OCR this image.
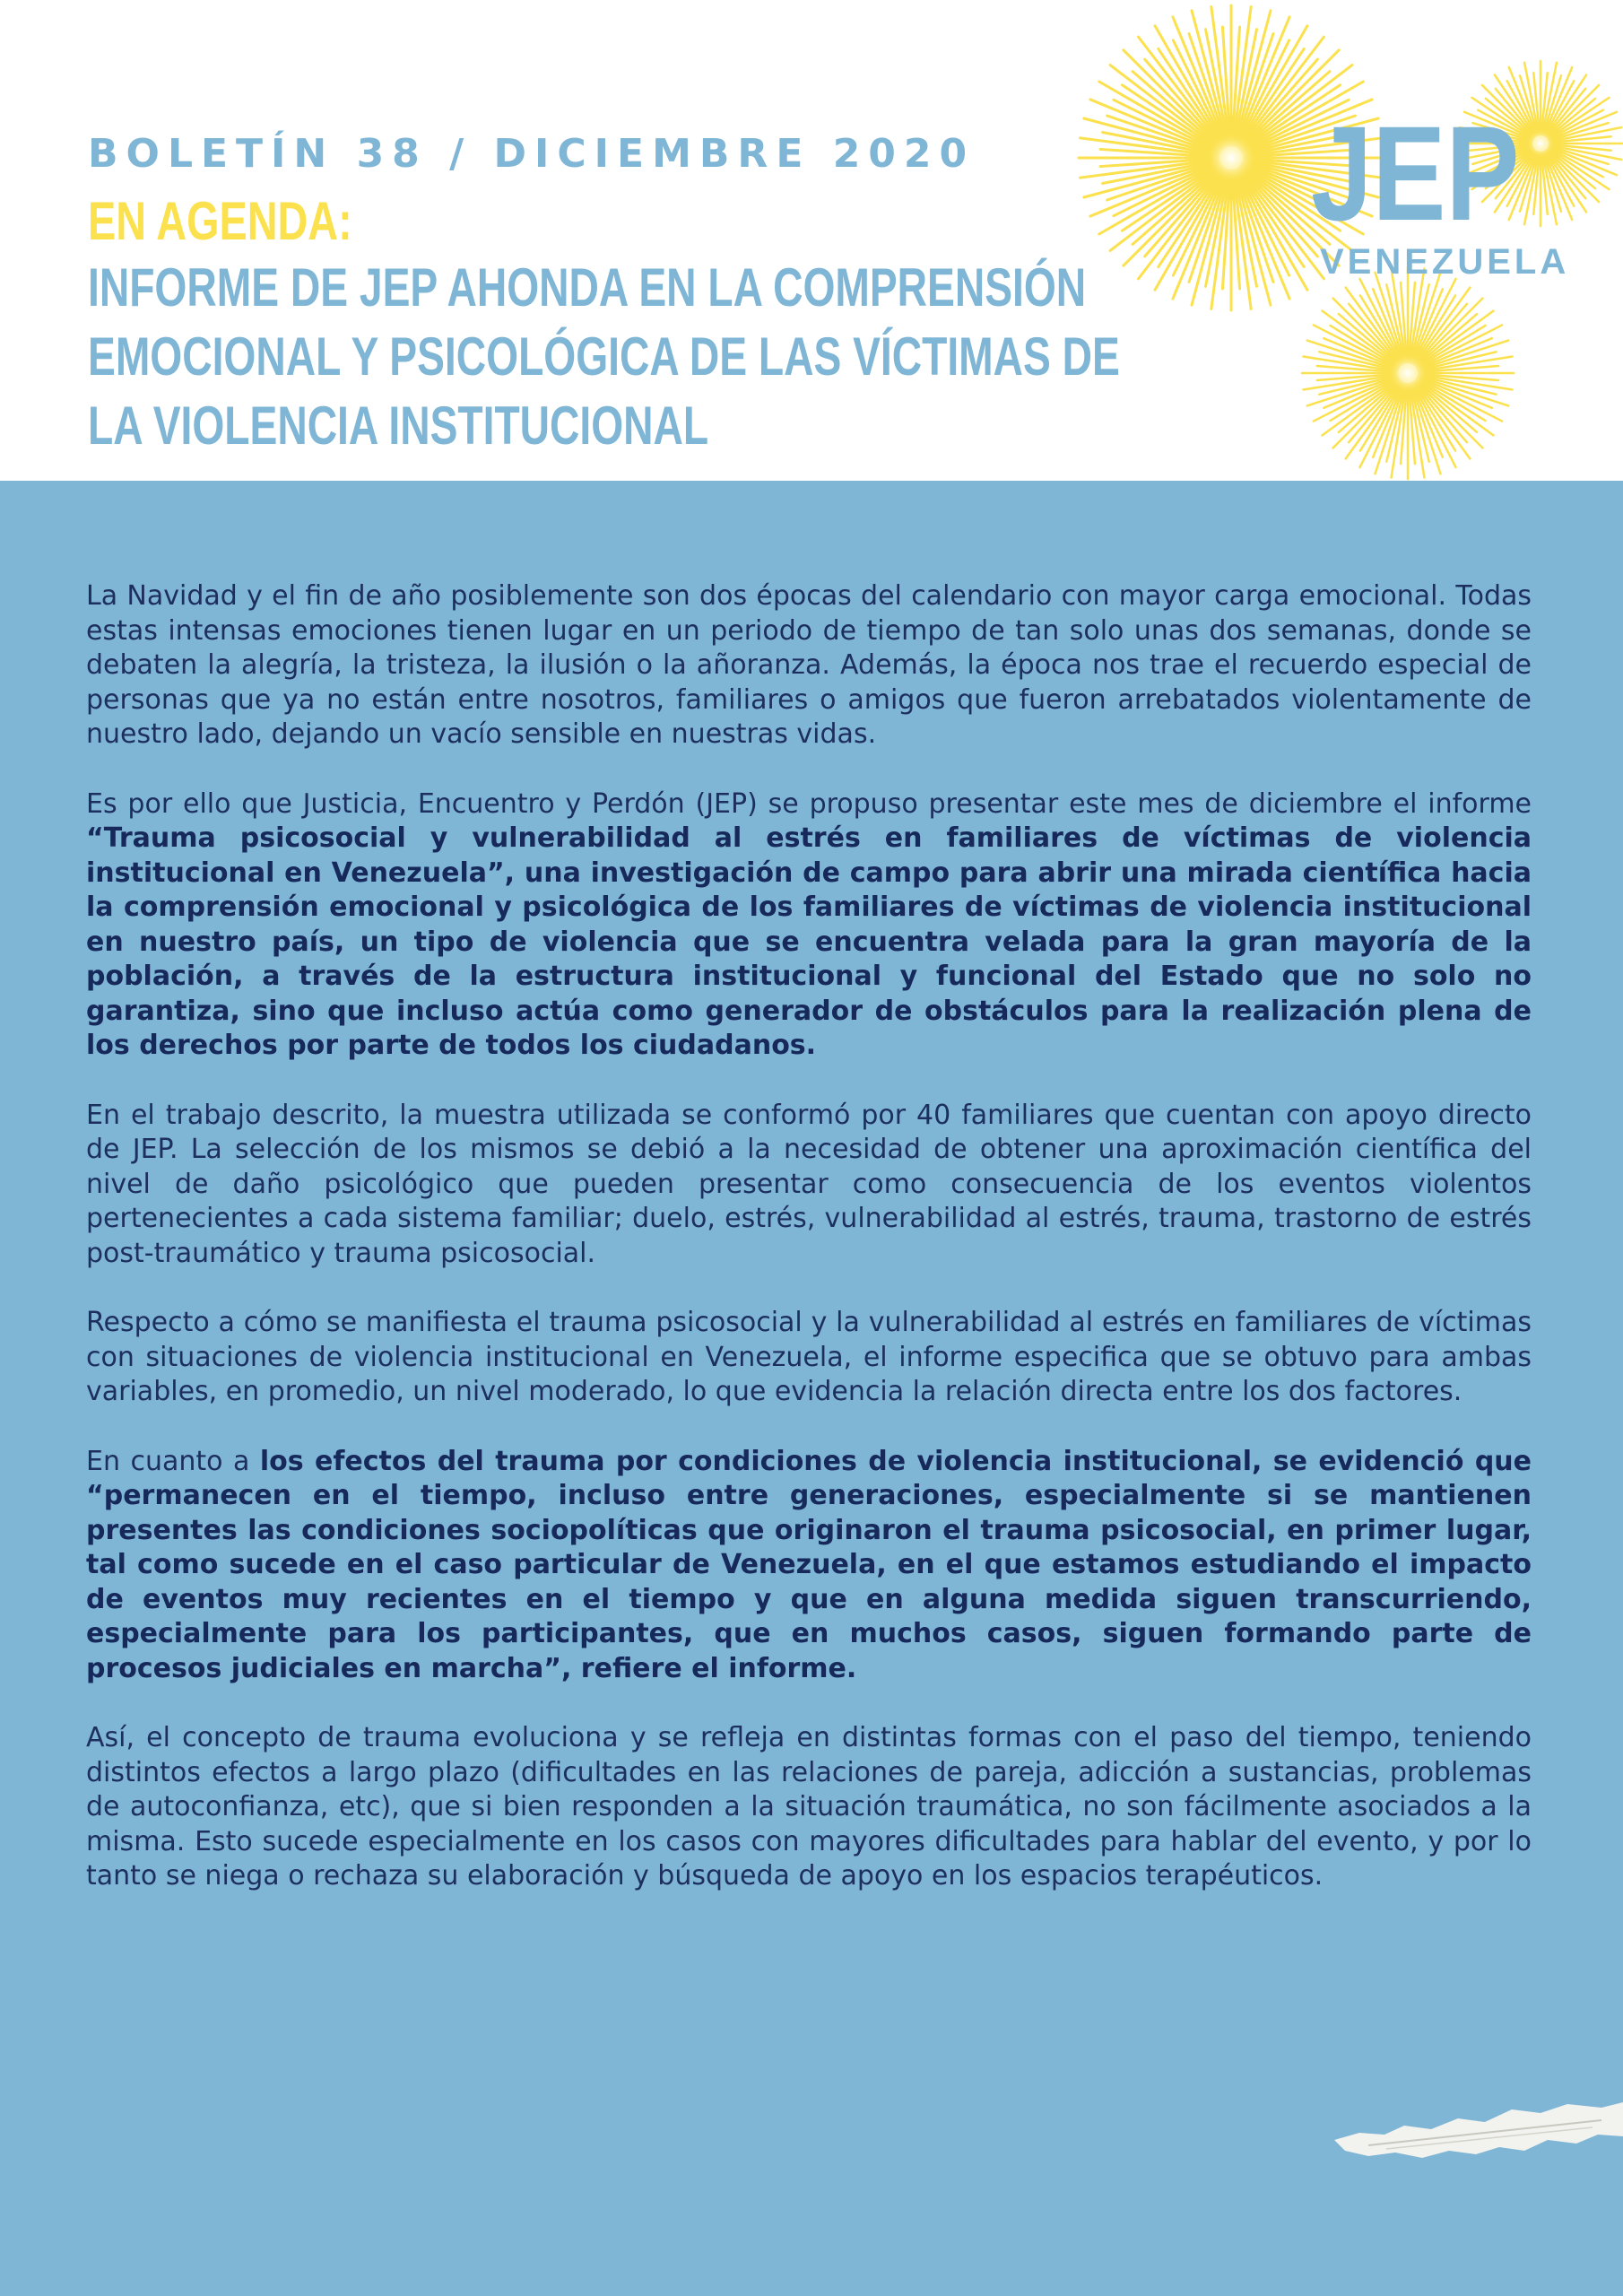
BOLETÍN 38 / DICIEMBRE 2020
EN AGENDA:
INFORME DE JEP AHONDA EN LA COMPRENSIÓN
EMOCIONAL Y PSICOLÓGICA DE LAS VÍCTIMAS DE
LA VIOLENCIA INSTITUCIONAL
JEP
VENEZUELA

La Navidad y el fin de año posiblemente son dos épocas del calendario con mayor carga emocional. Todas estas intensas emociones tienen lugar en un periodo de tiempo de tan solo unas dos semanas, donde se debaten la alegría, la tristeza, la ilusión o la añoranza. Además, la época nos trae el recuerdo especial de personas que ya no están entre nosotros, familiares o amigos que fueron arrebatados violentamente de nuestro lado, dejando un vacío sensible en nuestras vidas.

Es por ello que Justicia, Encuentro y Perdón (JEP) se propuso presentar este mes de diciembre el informe “Trauma psicosocial y vulnerabilidad al estrés en familiares de víctimas de violencia institucional en Venezuela”, una investigación de campo para abrir una mirada científica hacia la comprensión emocional y psicológica de los familiares de víctimas de violencia institucional en nuestro país, un tipo de violencia que se encuentra velada para la gran mayoría de la población, a través de la estructura institucional y funcional del Estado que no solo no garantiza, sino que incluso actúa como generador de obstáculos para la realización plena de los derechos por parte de todos los ciudadanos.

En el trabajo descrito, la muestra utilizada se conformó por 40 familiares que cuentan con apoyo directo de JEP. La selección de los mismos se debió a la necesidad de obtener una aproximación científica del nivel de daño psicológico que pueden presentar como consecuencia de los eventos violentos pertenecientes a cada sistema familiar; duelo, estrés, vulnerabilidad al estrés, trauma, trastorno de estrés post-traumático y trauma psicosocial.

Respecto a cómo se manifiesta el trauma psicosocial y la vulnerabilidad al estrés en familiares de víctimas con situaciones de violencia institucional en Venezuela, el informe especifica que se obtuvo para ambas variables, en promedio, un nivel moderado, lo que evidencia la relación directa entre los dos factores.

En cuanto a los efectos del trauma por condiciones de violencia institucional, se evidenció que “permanecen en el tiempo, incluso entre generaciones, especialmente si se mantienen presentes las condiciones sociopolíticas que originaron el trauma psicosocial, en primer lugar, tal como sucede en el caso particular de Venezuela, en el que estamos estudiando el impacto de eventos muy recientes en el tiempo y que en alguna medida siguen transcurriendo, especialmente para los participantes, que en muchos casos, siguen formando parte de procesos judiciales en marcha”, refiere el informe.

Así, el concepto de trauma evoluciona y se refleja en distintas formas con el paso del tiempo, teniendo distintos efectos a largo plazo (dificultades en las relaciones de pareja, adicción a sustancias, problemas de autoconfianza, etc), que si bien responden a la situación traumática, no son fácilmente asociados a la misma. Esto sucede especialmente en los casos con mayores dificultades para hablar del evento, y por lo tanto se niega o rechaza su elaboración y búsqueda de apoyo en los espacios terapéuticos.
